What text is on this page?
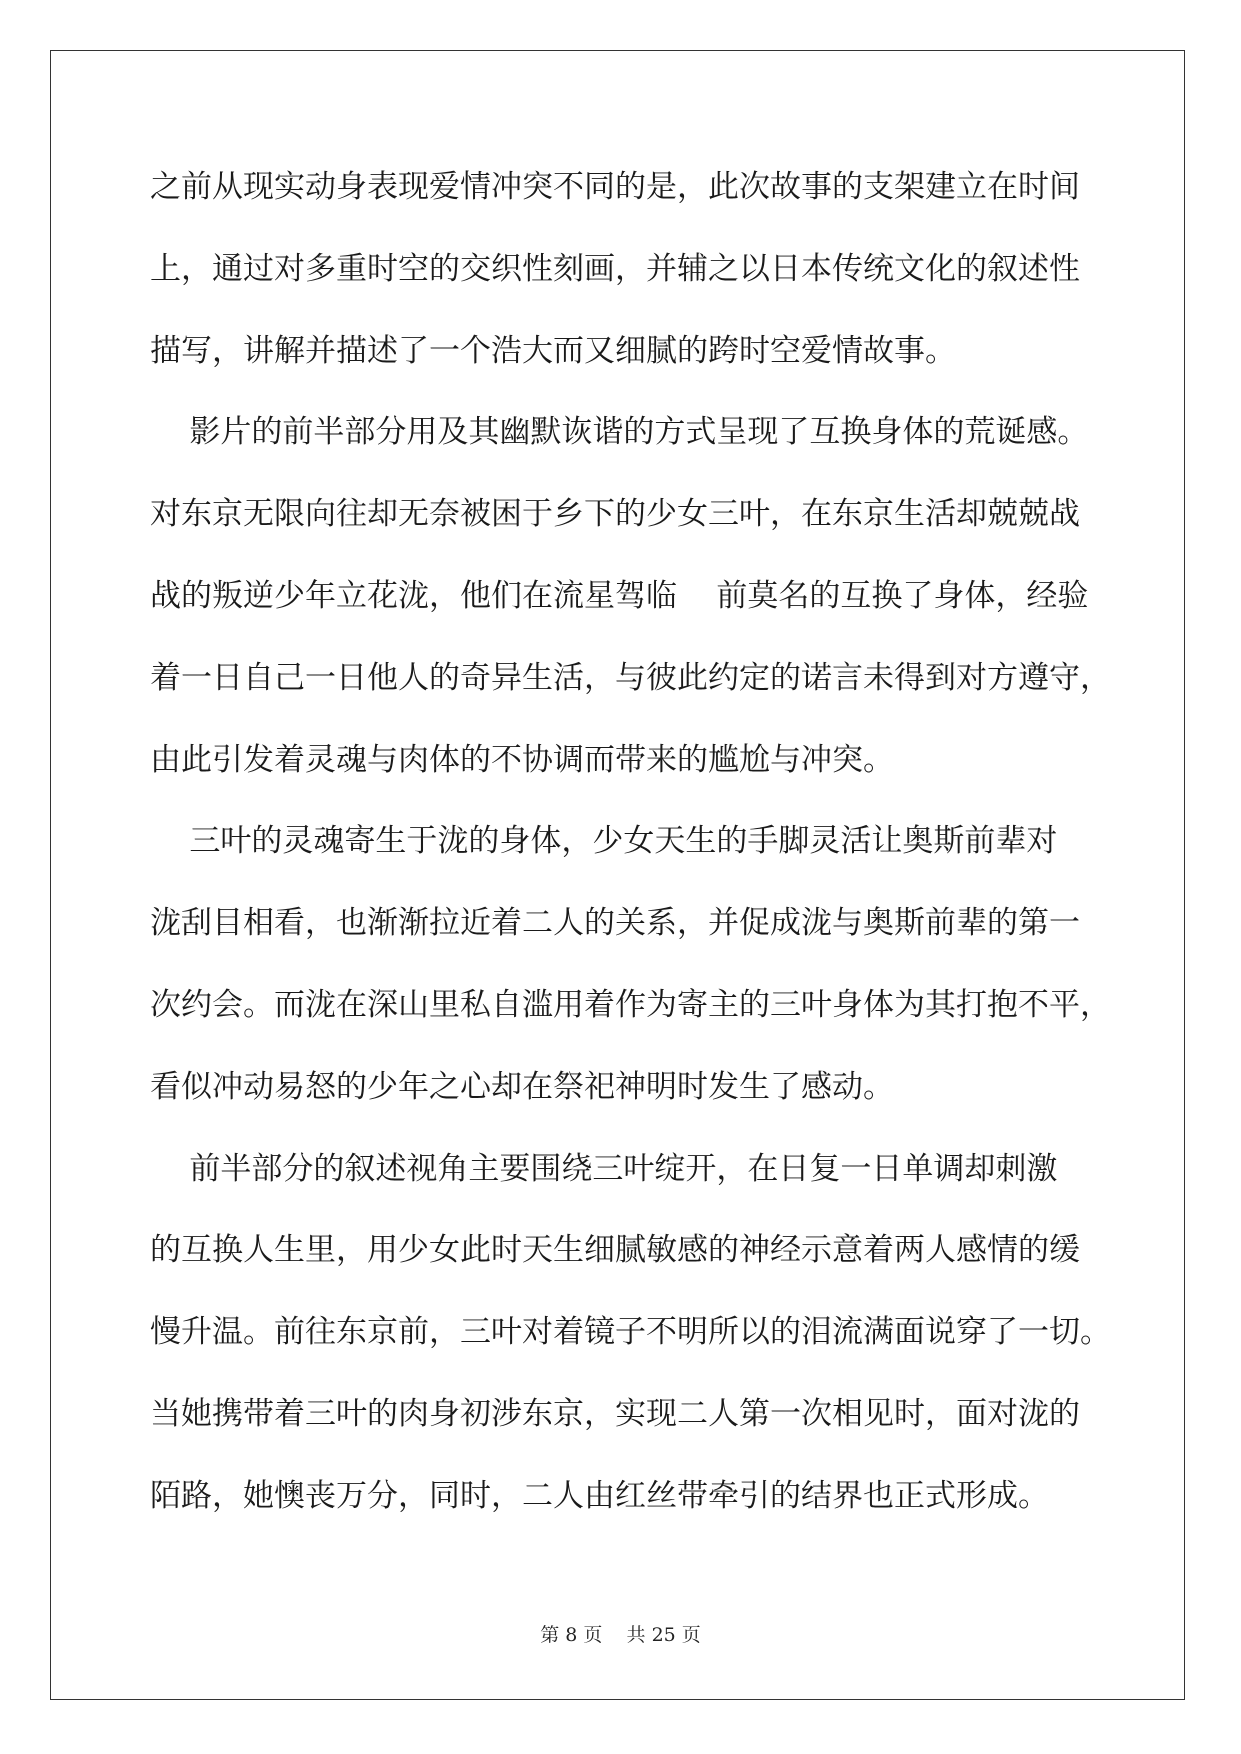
之前从现实动身表现爱情冲突不同的是，此次故事的支架建立在时间
上，通过对多重时空的交织性刻画，并辅之以日本传统文化的叙述性
描写，讲解并描述了一个浩大而又细腻的跨时空爱情故事。
影片的前半部分用及其幽默诙谐的方式呈现了互换身体的荒诞感。
对东京无限向往却无奈被困于乡下的少女三叶，在东京生活却兢兢战
战的叛逆少年立花泷，他们在流星驾临    前莫名的互换了身体，经验
着一日自己一日他人的奇异生活，与彼此约定的诺言未得到对方遵守，
由此引发着灵魂与肉体的不协调而带来的尴尬与冲突。
三叶的灵魂寄生于泷的身体，少女天生的手脚灵活让奥斯前辈对
泷刮目相看，也渐渐拉近着二人的关系，并促成泷与奥斯前辈的第一
次约会。而泷在深山里私自滥用着作为寄主的三叶身体为其打抱不平，
看似冲动易怒的少年之心却在祭祀神明时发生了感动。
前半部分的叙述视角主要围绕三叶绽开，在日复一日单调却刺激
的互换人生里，用少女此时天生细腻敏感的神经示意着两人感情的缓
慢升温。前往东京前，三叶对着镜子不明所以的泪流满面说穿了一切。
当她携带着三叶的肉身初涉东京，实现二人第一次相见时，面对泷的
陌路，她懊丧万分，同时，二人由红丝带牵引的结界也正式形成。
第 8 页    共 25 页
